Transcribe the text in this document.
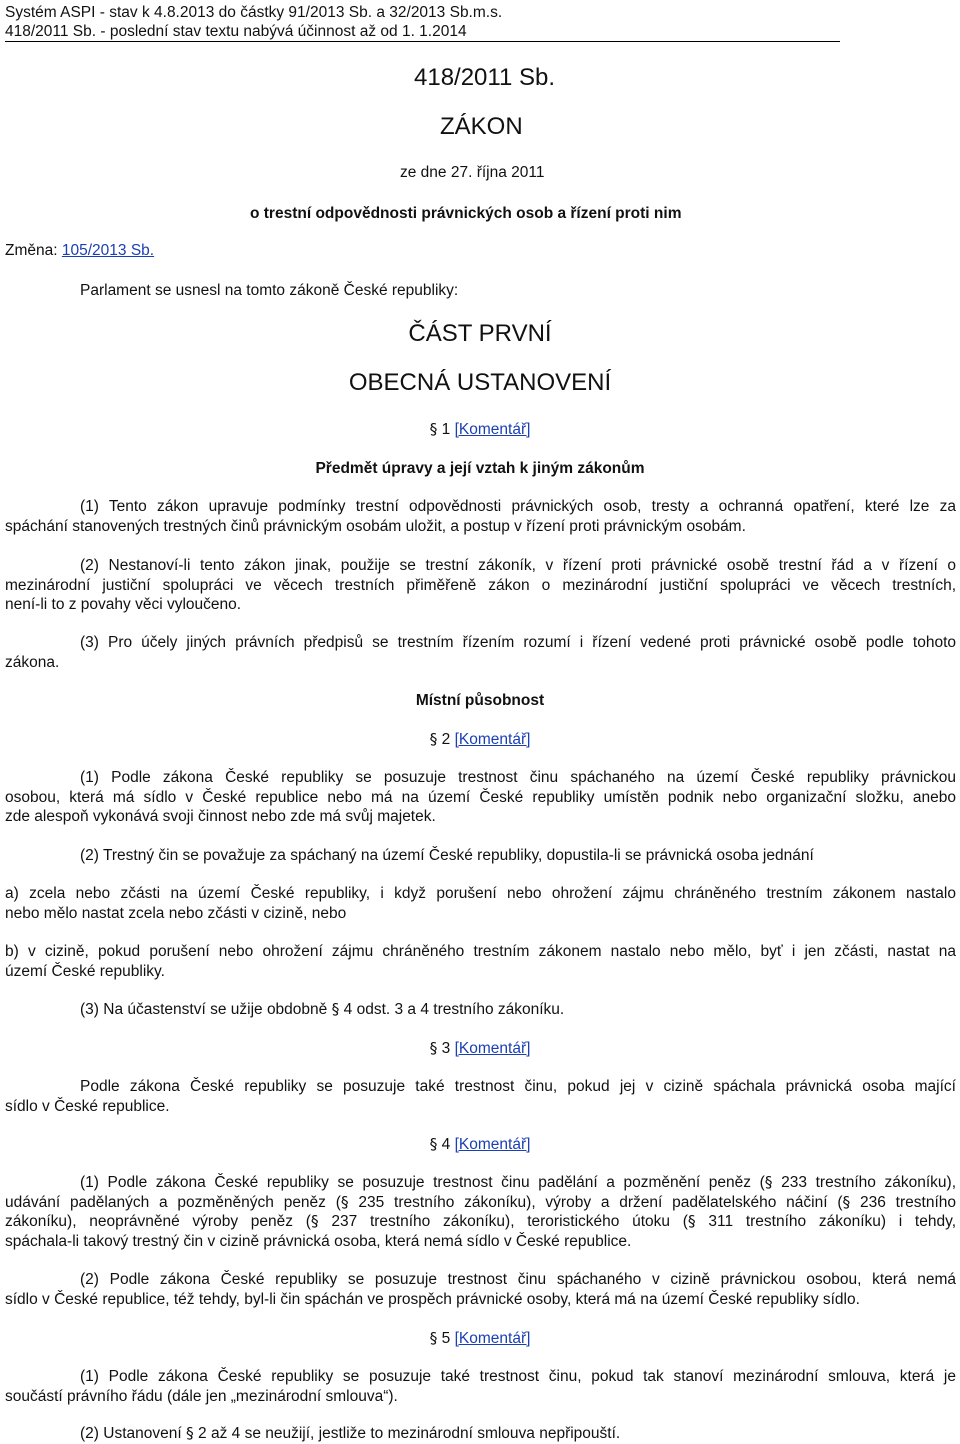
Systém ASPI - stav k 4.8.2013 do částky 91/2013 Sb. a 32/2013 Sb.m.s.
418/2011 Sb. - poslední stav textu nabývá účinnost až od 1. 1.2014
418/2011 Sb.
ZÁKON
ze dne 27. října 2011
o trestní odpovědnosti právnických osob a řízení proti nim
Změna: 105/2013 Sb.
Parlament se usnesl na tomto zákoně České republiky:
ČÁST PRVNÍ
OBECNÁ USTANOVENÍ
§ 1 [Komentář]
Předmět úpravy a její vztah k jiným zákonům
(1) Tento zákon upravuje podmínky trestní odpovědnosti právnických osob, tresty a ochranná opatření, které lze za
spáchání stanovených trestných činů právnickým osobám uložit, a postup v řízení proti právnickým osobám.
(2) Nestanoví-li tento zákon jinak, použije se trestní zákoník, v řízení proti právnické osobě trestní řád a v řízení o
mezinárodní justiční spolupráci ve věcech trestních přiměřeně zákon o mezinárodní justiční spolupráci ve věcech trestních,
není-li to z povahy věci vyloučeno.
(3) Pro účely jiných právních předpisů se trestním řízením rozumí i řízení vedené proti právnické osobě podle tohoto
zákona.
Místní působnost
§ 2 [Komentář]
(1) Podle zákona České republiky se posuzuje trestnost činu spáchaného na území České republiky právnickou
osobou, která má sídlo v České republice nebo má na území České republiky umístěn podnik nebo organizační složku, anebo
zde alespoň vykonává svoji činnost nebo zde má svůj majetek.
(2) Trestný čin se považuje za spáchaný na území České republiky, dopustila-li se právnická osoba jednání
a) zcela nebo zčásti na území České republiky, i když porušení nebo ohrožení zájmu chráněného trestním zákonem nastalo
nebo mělo nastat zcela nebo zčásti v cizině, nebo
b) v cizině, pokud porušení nebo ohrožení zájmu chráněného trestním zákonem nastalo nebo mělo, byť i jen zčásti, nastat na
území České republiky.
(3) Na účastenství se užije obdobně § 4 odst. 3 a 4 trestního zákoníku.
§ 3 [Komentář]
Podle zákona České republiky se posuzuje také trestnost činu, pokud jej v cizině spáchala právnická osoba mající
sídlo v České republice.
§ 4 [Komentář]
(1) Podle zákona České republiky se posuzuje trestnost činu padělání a pozměnění peněz (§ 233 trestního zákoníku),
udávání padělaných a pozměněných peněz (§ 235 trestního zákoníku), výroby a držení padělatelského náčiní (§ 236 trestního
zákoníku), neoprávněné výroby peněz (§ 237 trestního zákoníku), teroristického útoku (§ 311 trestního zákoníku) i tehdy,
spáchala-li takový trestný čin v cizině právnická osoba, která nemá sídlo v České republice.
(2) Podle zákona České republiky se posuzuje trestnost činu spáchaného v cizině právnickou osobou, která nemá
sídlo v České republice, též tehdy, byl-li čin spáchán ve prospěch právnické osoby, která má na území České republiky sídlo.
§ 5 [Komentář]
(1) Podle zákona České republiky se posuzuje také trestnost činu, pokud tak stanoví mezinárodní smlouva, která je
součástí právního řádu (dále jen „mezinárodní smlouva“).
(2) Ustanovení § 2 až 4 se neužijí, jestliže to mezinárodní smlouva nepřipouští.
